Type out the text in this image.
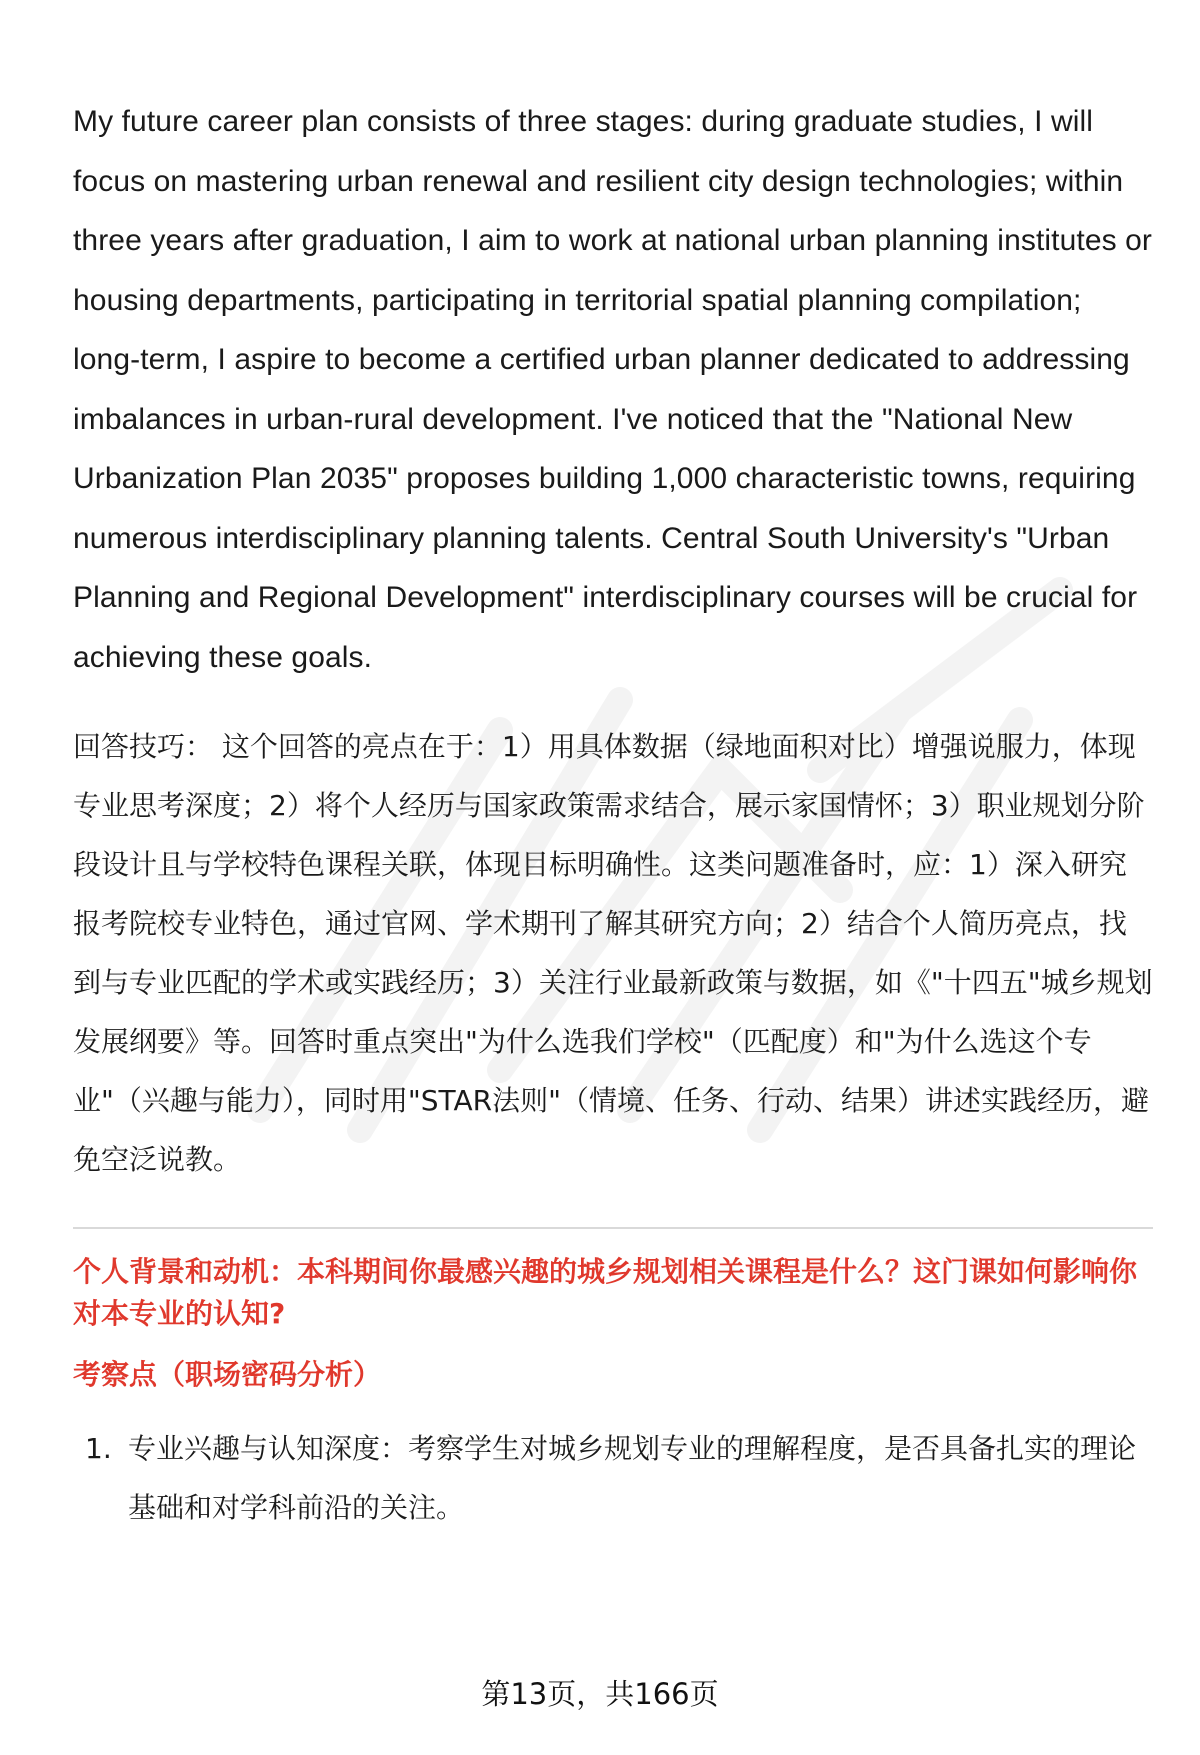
My future career plan consists of three stages: during graduate studies, I will focus on mastering urban renewal and resilient city design technologies; within three years after graduation, I aim to work at national urban planning institutes or housing departments, participating in territorial spatial planning compilation; long-term, I aspire to become a certified urban planner dedicated to addressing imbalances in urban-rural development. I've noticed that the "National New Urbanization Plan 2035" proposes building 1,000 characteristic towns, requiring numerous interdisciplinary planning talents. Central South University's "Urban Planning and Regional Development" interdisciplinary courses will be crucial for achieving these goals.

回答技巧： 这个回答的亮点在于：1）用具体数据（绿地面积对比）增强说服力，体现专业思考深度；2）将个人经历与国家政策需求结合，展示家国情怀；3）职业规划分阶段设计且与学校特色课程关联，体现目标明确性。这类问题准备时，应：1）深入研究报考院校专业特色，通过官网、学术期刊了解其研究方向；2）结合个人简历亮点，找到与专业匹配的学术或实践经历；3）关注行业最新政策与数据，如《"十四五"城乡规划发展纲要》等。回答时重点突出"为什么选我们学校"（匹配度）和"为什么选这个专业"（兴趣与能力），同时用"STAR法则"（情境、任务、行动、结果）讲述实践经历，避免空泛说教。

个人背景和动机：本科期间你最感兴趣的城乡规划相关课程是什么？这门课如何影响你对本专业的认知?
考察点（职场密码分析）
1. 专业兴趣与认知深度：考察学生对城乡规划专业的理解程度，是否具备扎实的理论基础和对学科前沿的关注。
第13页，共166页
